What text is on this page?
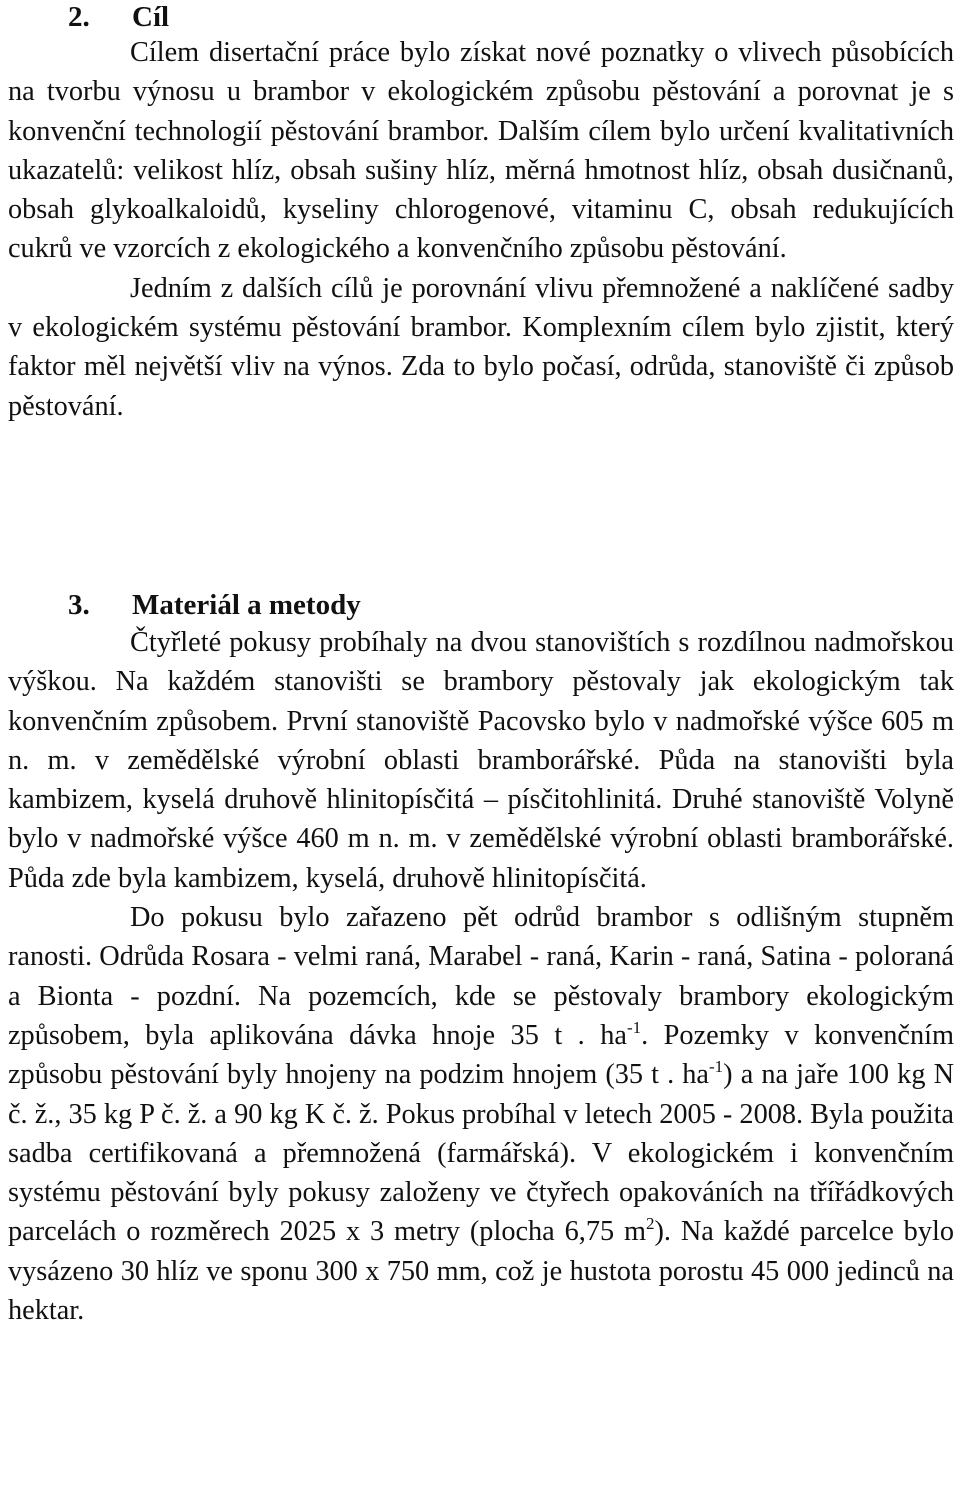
2. Cíl

Cílem disertační práce bylo získat nové poznatky o vlivech působících na tvorbu výnosu u brambor v ekologickém způsobu pěstování a porovnat je s konvenční technologií pěstování brambor. Dalším cílem bylo určení kvalitativních ukazatelů: velikost hlíz, obsah sušiny hlíz, měrná hmotnost hlíz, obsah dusičnanů, obsah glykoalkaloidů, kyseliny chlorogenové, vitaminu C, obsah redukujících cukrů ve vzorcích z ekologického a konvenčního způsobu pěstování.

Jedním z dalších cílů je porovnání vlivu přemnožené a naklíčené sadby v ekologickém systému pěstování brambor. Komplexním cílem bylo zjistit, který faktor měl největší vliv na výnos. Zda to bylo počasí, odrůda, stanoviště či způsob pěstování.

3. Materiál a metody

Čtyřleté pokusy probíhaly na dvou stanovištích s rozdílnou nadmořskou výškou. Na každém stanovišti se brambory pěstovaly jak ekologickým tak konvenčním způsobem. První stanoviště Pacovsko bylo v nadmořské výšce 605 m n. m. v zemědělské výrobní oblasti bramborářské. Půda na stanovišti byla kambizem, kyselá druhově hlinitopísčitá – písčitohlinitá. Druhé stanoviště Volyně bylo v nadmořské výšce 460 m n. m. v zemědělské výrobní oblasti bramborářské. Půda zde byla kambizem, kyselá, druhově hlinitopísčitá.

Do pokusu bylo zařazeno pět odrůd brambor s odlišným stupněm ranosti. Odrůda Rosara - velmi raná, Marabel - raná, Karin - raná, Satina - poloraná a Bionta - pozdní. Na pozemcích, kde se pěstovaly brambory ekologickým způsobem, byla aplikována dávka hnoje 35 t . $ha^{-1}$. Pozemky v konvenčním způsobu pěstování byly hnojeny na podzim hnojem (35 t . $ha^{-1}$) a na jaře 100 kg N č. ž., 35 kg P č. ž. a 90 kg K č. ž. Pokus probíhal v letech 2005 - 2008. Byla použita sadba certifikovaná a přemnožená (farmářská). V ekologickém i konvenčním systému pěstování byly pokusy založeny ve čtyřech opakováních na třířádkových parcelách o rozměrech 2025 x 3 metry (plocha 6,75 $m^2$). Na každé parcelce bylo vysázeno 30 hlíz ve sponu 300 x 750 mm, což je hustota porostu 45 000 jedinců na hektar.
